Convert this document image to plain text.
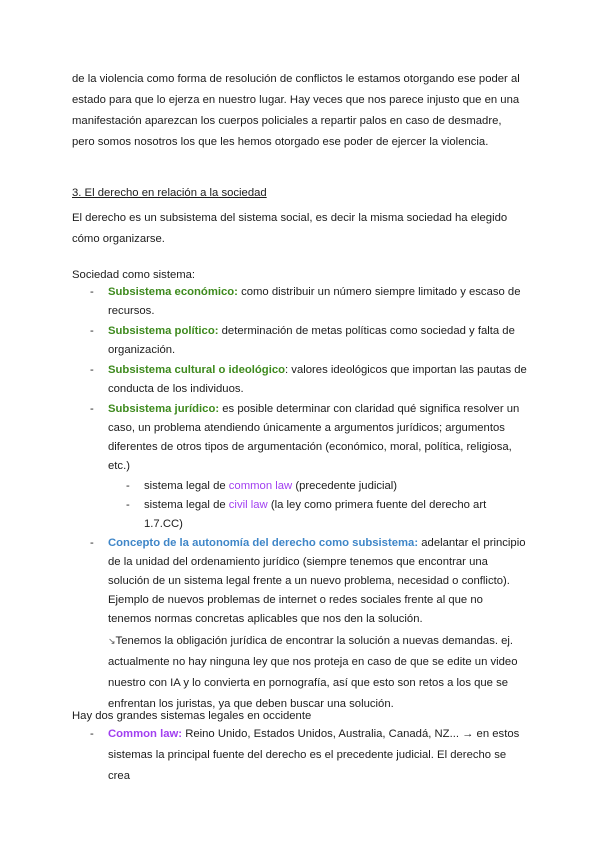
de la violencia como forma de resolución de conflictos le estamos otorgando ese poder al estado para que lo ejerza en nuestro lugar. Hay veces que nos parece injusto que en una manifestación aparezcan los cuerpos policiales a repartir palos en caso de desmadre, pero somos nosotros los que les hemos otorgado ese poder de ejercer la violencia.

3. El derecho en relación a la sociedad

El derecho es un subsistema del sistema social, es decir la misma sociedad ha elegido cómo organizarse.

Sociedad como sistema:

- Subsistema económico: como distribuir un número siempre limitado y escaso de recursos.
- Subsistema político: determinación de metas políticas como sociedad y falta de organización.
- Subsistema cultural o ideológico: valores ideológicos que importan las pautas de conducta de los individuos.
- Subsistema jurídico: es posible determinar con claridad qué significa resolver un caso, un problema atendiendo únicamente a argumentos jurídicos; argumentos diferentes de otros tipos de argumentación (económico, moral, política, religiosa, etc.)
- sistema legal de common law (precedente judicial)
- sistema legal de civil law (la ley como primera fuente del derecho art 1.7.CC)
- Concepto de la autonomía del derecho como subsistema: adelantar el principio de la unidad del ordenamiento jurídico (siempre tenemos que encontrar una solución de un sistema legal frente a un nuevo problema, necesidad o conflicto). Ejemplo de nuevos problemas de internet o redes sociales frente al que no tenemos normas concretas aplicables que nos den la solución.
↘Tenemos la obligación jurídica de encontrar la solución a nuevas demandas. ej. actualmente no hay ninguna ley que nos proteja en caso de que se edite un video nuestro con IA y lo convierta en pornografía, así que esto son retos a los que se enfrentan los juristas, ya que deben buscar una solución.

Hay dos grandes sistemas legales en occidente

- Common law: Reino Unido, Estados Unidos, Australia, Canadá, NZ... → en estos sistemas la principal fuente del derecho es el precedente judicial. El derecho se crea
